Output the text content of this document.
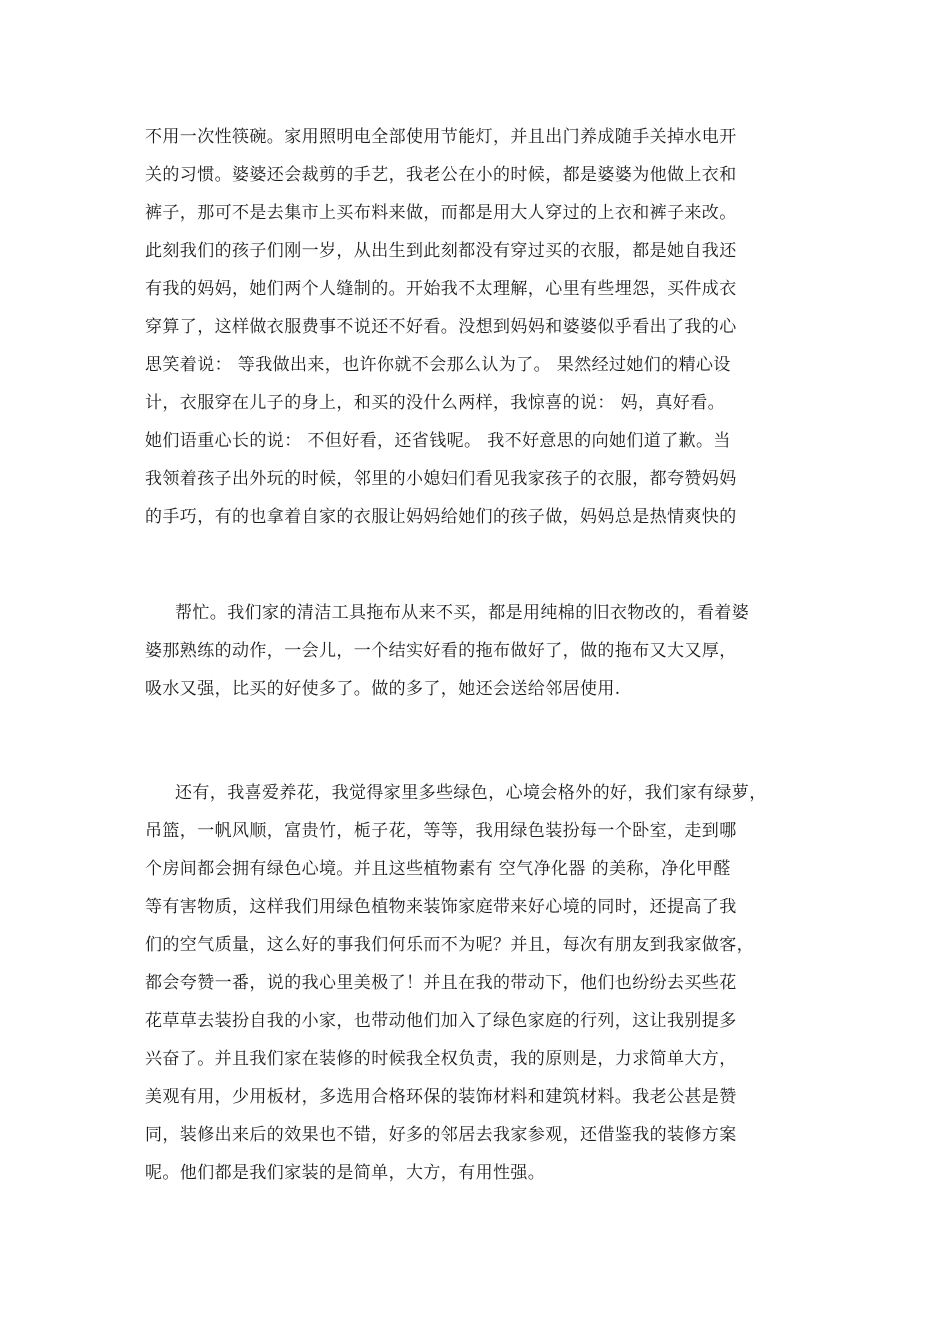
不用一次性筷碗。家用照明电全部使用节能灯，并且出门养成随手关掉水电开
关的习惯。婆婆还会裁剪的手艺，我老公在小的时候，都是婆婆为他做上衣和
裤子，那可不是去集市上买布料来做，而都是用大人穿过的上衣和裤子来改。
此刻我们的孩子们刚一岁，从出生到此刻都没有穿过买的衣服，都是她自我还
有我的妈妈，她们两个人缝制的。开始我不太理解，心里有些埋怨，买件成衣
穿算了，这样做衣服费事不说还不好看。没想到妈妈和婆婆似乎看出了我的心
思笑着说： 等我做出来，也许你就不会那么认为了。 果然经过她们的精心设
计，衣服穿在儿子的身上，和买的没什么两样，我惊喜的说： 妈，真好看。
她们语重心长的说： 不但好看，还省钱呢。 我不好意思的向她们道了歉。当
我领着孩子出外玩的时候，邻里的小媳妇们看见我家孩子的衣服，都夸赞妈妈
的手巧，有的也拿着自家的衣服让妈妈给她们的孩子做，妈妈总是热情爽快的
帮忙。我们家的清洁工具拖布从来不买，都是用纯棉的旧衣物改的，看着婆
婆那熟练的动作，一会儿，一个结实好看的拖布做好了，做的拖布又大又厚，
吸水又强，比买的好使多了。做的多了，她还会送给邻居使用.
还有，我喜爱养花，我觉得家里多些绿色，心境会格外的好，我们家有绿萝，
吊篮，一帆风顺，富贵竹，栀子花，等等，我用绿色装扮每一个卧室，走到哪
个房间都会拥有绿色心境。并且这些植物素有 空气净化器 的美称，净化甲醛
等有害物质，这样我们用绿色植物来装饰家庭带来好心境的同时，还提高了我
们的空气质量，这么好的事我们何乐而不为呢？并且，每次有朋友到我家做客，
都会夸赞一番，说的我心里美极了！并且在我的带动下，他们也纷纷去买些花
花草草去装扮自我的小家，也带动他们加入了绿色家庭的行列，这让我别提多
兴奋了。并且我们家在装修的时候我全权负责，我的原则是，力求简单大方，
美观有用，少用板材，多选用合格环保的装饰材料和建筑材料。我老公甚是赞
同，装修出来后的效果也不错，好多的邻居去我家参观，还借鉴我的装修方案
呢。他们都是我们家装的是简单，大方，有用性强。
